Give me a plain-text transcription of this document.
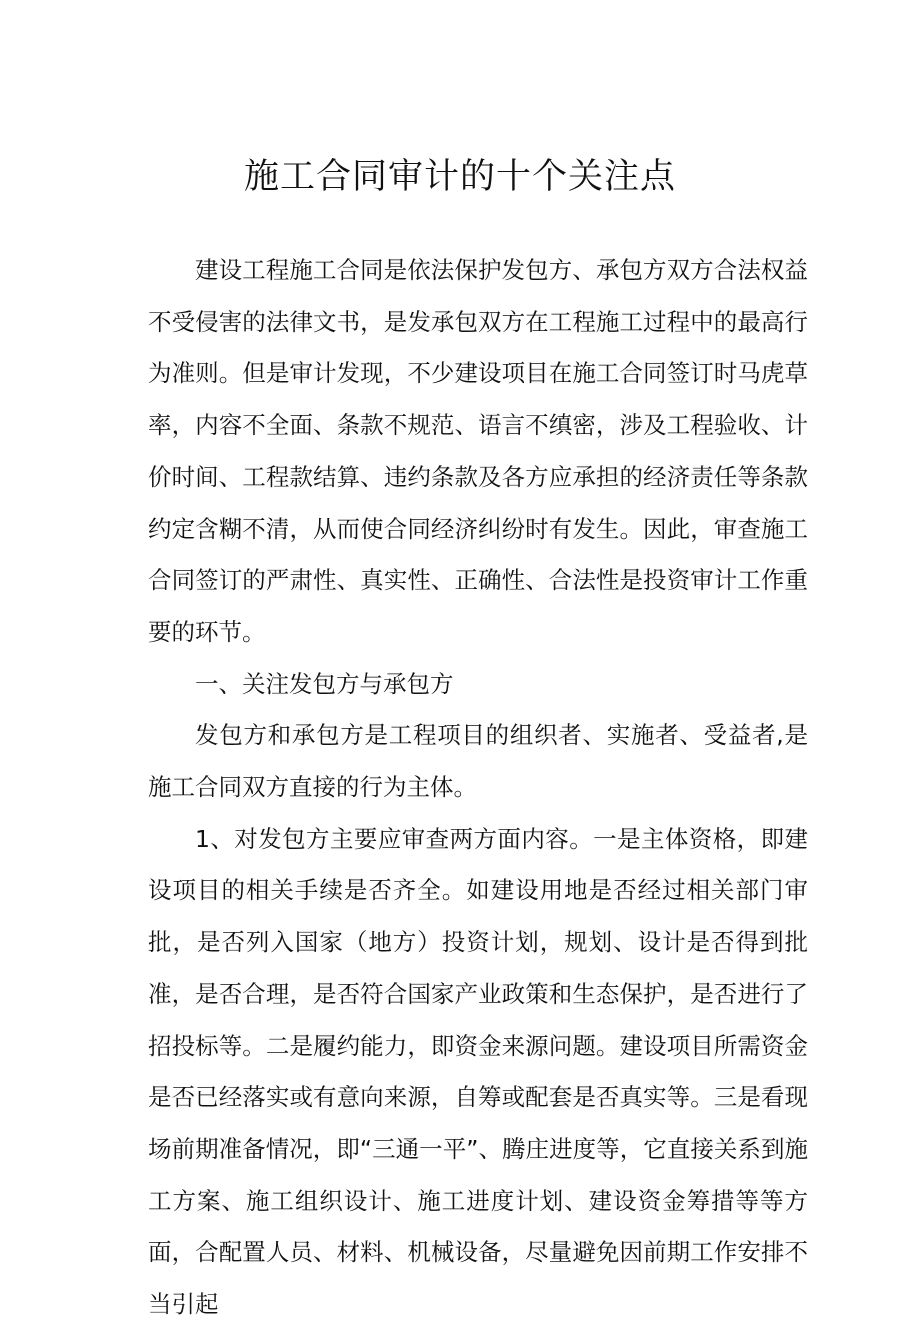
施工合同审计的十个关注点

建设工程施工合同是依法保护发包方、承包方双方合法权益不受侵害的法律文书，是发承包双方在工程施工过程中的最高行为准则。但是审计发现，不少建设项目在施工合同签订时马虎草率，内容不全面、条款不规范、语言不缜密，涉及工程验收、计价时间、工程款结算、违约条款及各方应承担的经济责任等条款约定含糊不清，从而使合同经济纠纷时有发生。因此，审查施工合同签订的严肃性、真实性、正确性、合法性是投资审计工作重要的环节。

一、关注发包方与承包方

发包方和承包方是工程项目的组织者、实施者、受益者,是施工合同双方直接的行为主体。

1、对发包方主要应审查两方面内容。一是主体资格，即建设项目的相关手续是否齐全。如建设用地是否经过相关部门审批，是否列入国家（地方）投资计划，规划、设计是否得到批准，是否合理，是否符合国家产业政策和生态保护，是否进行了招投标等。二是履约能力，即资金来源问题。建设项目所需资金是否已经落实或有意向来源，自筹或配套是否真实等。三是看现场前期准备情况，即“三通一平”、腾庄进度等，它直接关系到施工方案、施工组织设计、施工进度计划、建设资金筹措等等方面，合配置人员、材料、机械设备，尽量避免因前期工作安排不当引起
